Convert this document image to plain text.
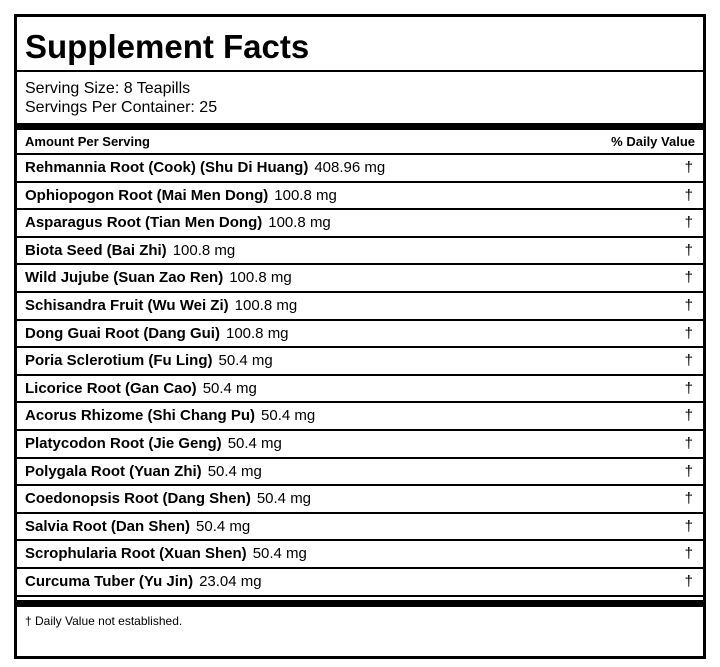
Supplement Facts
Serving Size: 8 Teapills
Servings Per Container: 25
Amount Per Serving	% Daily Value
Rehmannia Root (Cook) (Shu Di Huang) 408.96 mg	†
Ophiopogon Root (Mai Men Dong) 100.8 mg	†
Asparagus Root (Tian Men Dong) 100.8 mg	†
Biota Seed (Bai Zhi) 100.8 mg	†
Wild Jujube (Suan Zao Ren) 100.8 mg	†
Schisandra Fruit (Wu Wei Zi) 100.8 mg	†
Dong Guai Root (Dang Gui) 100.8 mg	†
Poria Sclerotium (Fu Ling) 50.4 mg	†
Licorice Root (Gan Cao) 50.4 mg	†
Acorus Rhizome (Shi Chang Pu) 50.4 mg	†
Platycodon Root (Jie Geng) 50.4 mg	†
Polygala Root (Yuan Zhi) 50.4 mg	†
Coedonopsis Root (Dang Shen) 50.4 mg	†
Salvia Root (Dan Shen) 50.4 mg	†
Scrophularia Root (Xuan Shen) 50.4 mg	†
Curcuma Tuber (Yu Jin) 23.04 mg	†
† Daily Value not established.
